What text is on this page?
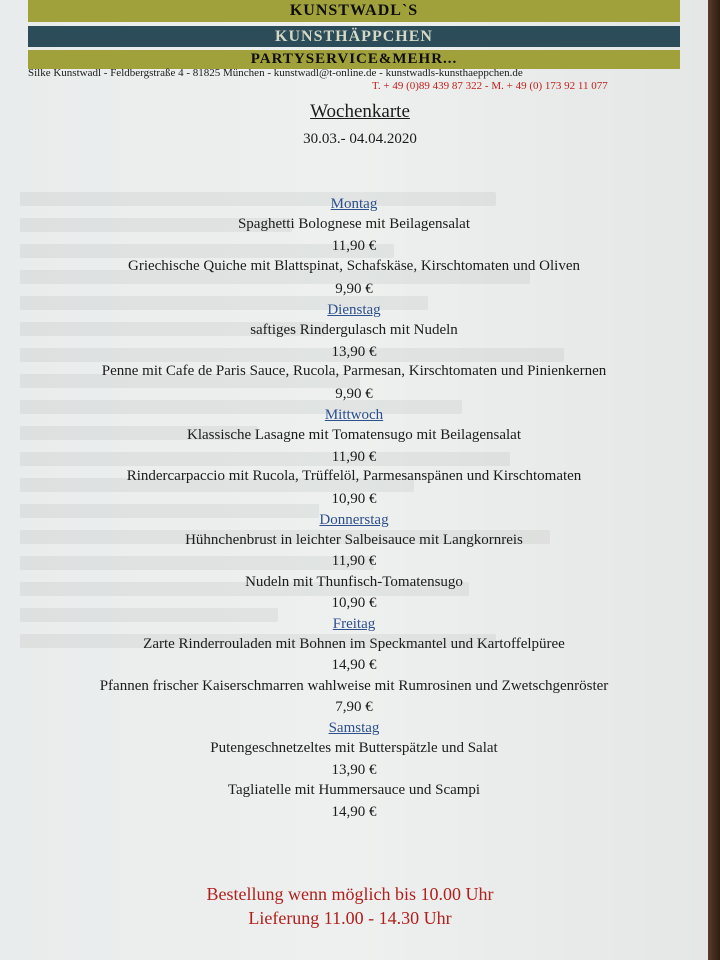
KUNSTWADL`S
KUNSTHÄPPCHEN
PARTYSERVICE&MEHR...
Silke Kunstwadl - Feldbergstraße 4 - 81825 München - kunstwadl@t-online.de - kunstwadls-kunsthaeppchen.de
T. + 49 (0)89 439 87 322 - M. + 49 (0) 173 92 11 077
Wochenkarte
30.03.- 04.04.2020
Montag
Spaghetti Bolognese mit Beilagensalat
11,90 €
Griechische Quiche mit Blattspinat, Schafskäse, Kirschtomaten und Oliven
9,90 €
Dienstag
saftiges Rindergulasch mit Nudeln
13,90 €
Penne mit Cafe de Paris Sauce, Rucola, Parmesan, Kirschtomaten und Pinienkernen
9,90 €
Mittwoch
Klassische Lasagne mit Tomatensugo mit Beilagensalat
11,90 €
Rindercarpaccio mit Rucola, Trüffelöl, Parmesanspänen und Kirschtomaten
10,90 €
Donnerstag
Hühnchenbrust in leichter Salbeisauce mit Langkornreis
11,90 €
Nudeln mit Thunfisch-Tomatensugo
10,90 €
Freitag
Zarte Rinderrouladen mit Bohnen im Speckmantel und Kartoffelpüree
14,90 €
Pfannen frischer Kaiserschmarren wahlweise mit Rumrosinen und Zwetschgenröster
7,90 €
Samstag
Putengeschnetzeltes mit Butterspätzle und Salat
13,90 €
Tagliatelle mit Hummersauce und Scampi
14,90 €
Bestellung wenn möglich bis 10.00 Uhr
Lieferung 11.00 - 14.30 Uhr
